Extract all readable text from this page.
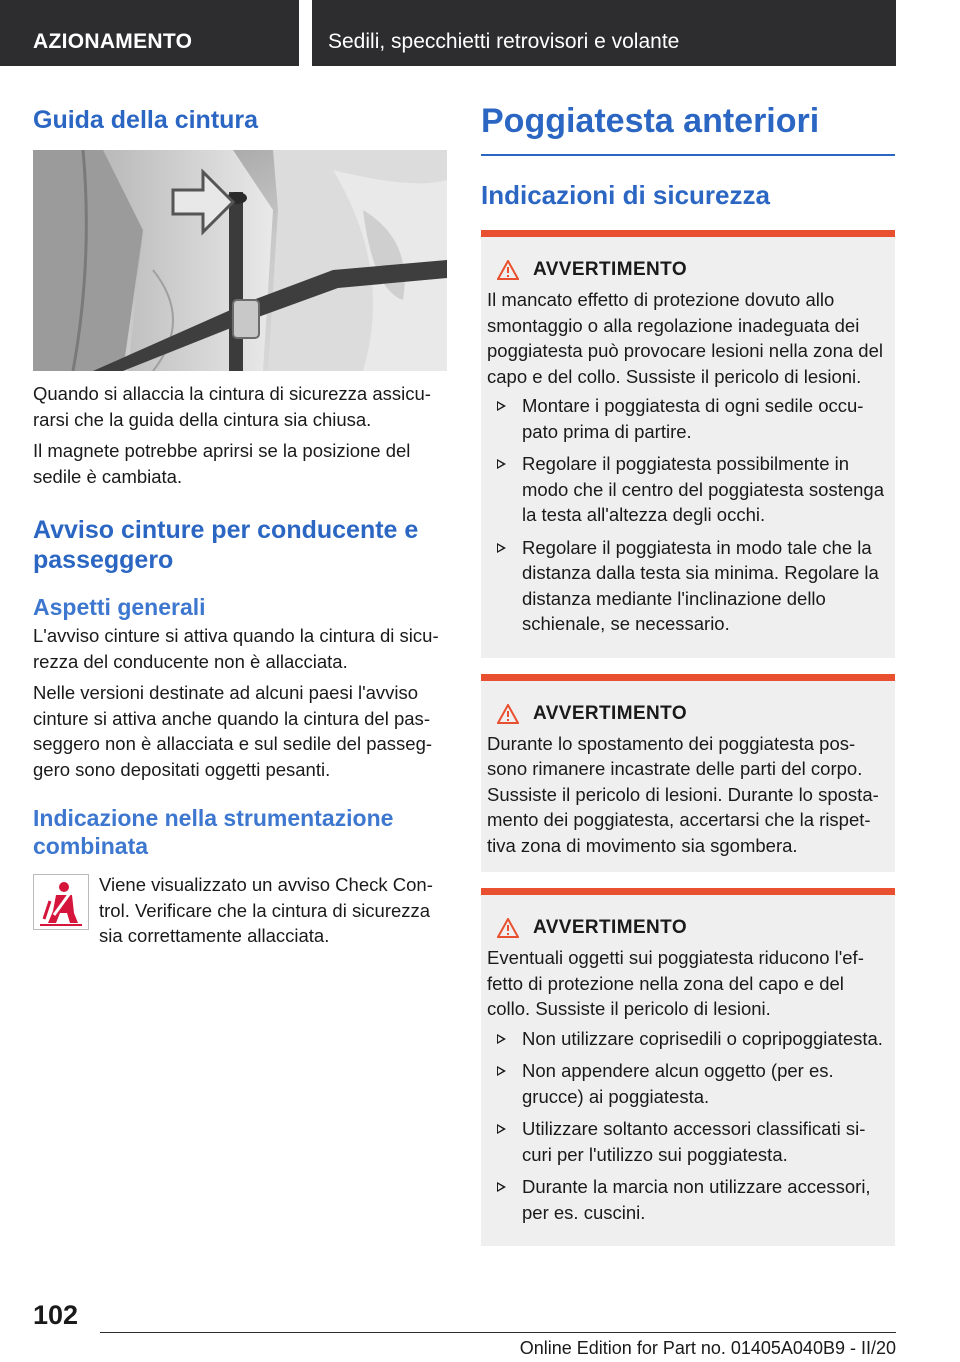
AZIONAMENTO	Sedili, specchietti retrovisori e volante
Guida della cintura

Quando si allaccia la cintura di sicurezza assicurarsi che la guida della cintura sia chiusa.

Il magnete potrebbe aprirsi se la posizione del sedile è cambiata.

Avviso cinture per conducente e passeggero
Aspetti generali

L'avviso cinture si attiva quando la cintura di sicurezza del conducente non è allacciata.

Nelle versioni destinate ad alcuni paesi l'avviso cinture si attiva anche quando la cintura del passeggero non è allacciata e sul sedile del passeggero sono depositati oggetti pesanti.

Indicazione nella strumentazione combinata
Viene visualizzato un avviso Check Control. Verificare che la cintura di sicurezza sia correttamente allacciata.
Poggiatesta anteriori
Indicazioni di sicurezza
AVVERTIMENTO

Il mancato effetto di protezione dovuto allo smontaggio o alla regolazione inadeguata dei poggiatesta può provocare lesioni nella zona del capo e del collo. Sussiste il pericolo di lesioni.

Montare i poggiatesta di ogni sedile occupato prima di partire.
Regolare il poggiatesta possibilmente in modo che il centro del poggiatesta sostenga la testa all'altezza degli occhi.
Regolare il poggiatesta in modo tale che la distanza dalla testa sia minima. Regolare la distanza mediante l'inclinazione dello schienale, se necessario.
AVVERTIMENTO

Durante lo spostamento dei poggiatesta possono rimanere incastrate delle parti del corpo. Sussiste il pericolo di lesioni. Durante lo spostamento dei poggiatesta, accertarsi che la rispettiva zona di movimento sia sgombera.

AVVERTIMENTO

Eventuali oggetti sui poggiatesta riducono l'effetto di protezione nella zona del capo e del collo. Sussiste il pericolo di lesioni.

Non utilizzare coprisedili o copripoggiatesta.
Non appendere alcun oggetto (per es. grucce) ai poggiatesta.
Utilizzare soltanto accessori classificati sicuri per l'utilizzo sui poggiatesta.
Durante la marcia non utilizzare accessori, per es. cuscini.
102
Online Edition for Part no. 01405A040B9 - II/20
